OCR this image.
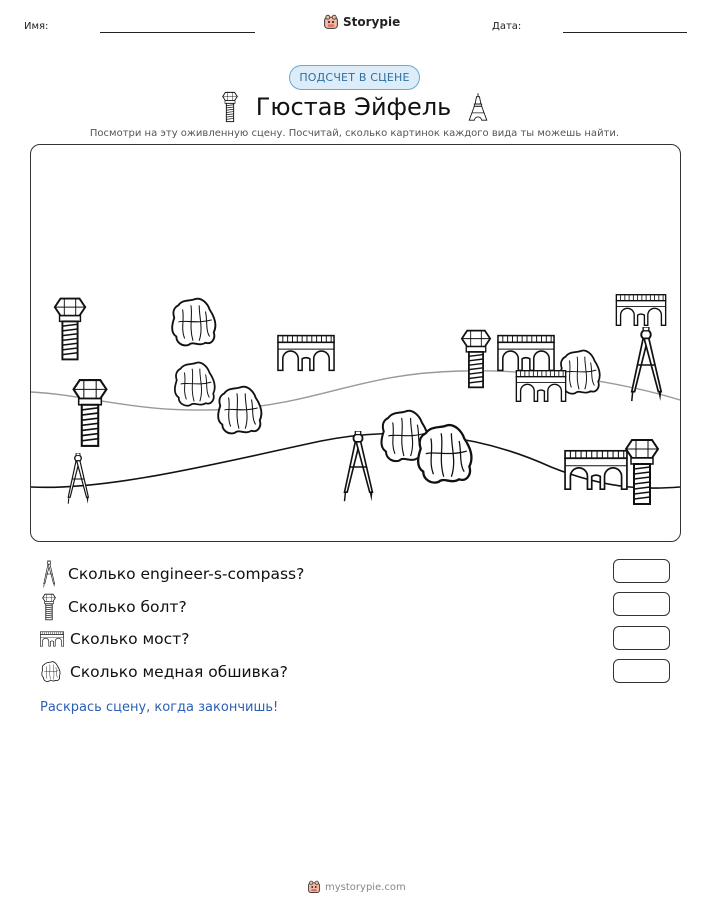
Имя:	Storypie	Дата:
ПОДСЧЕТ В СЦЕНЕ
Гюстав Эйфель
Посмотри на эту оживленную сцену. Посчитай, сколько картинок каждого вида ты можешь найти.
Сколько engineer-s-compass?
Сколько болт?
Сколько мост?
Сколько медная обшивка?
Раскрась сцену, когда закончишь!
mystorypie.com
